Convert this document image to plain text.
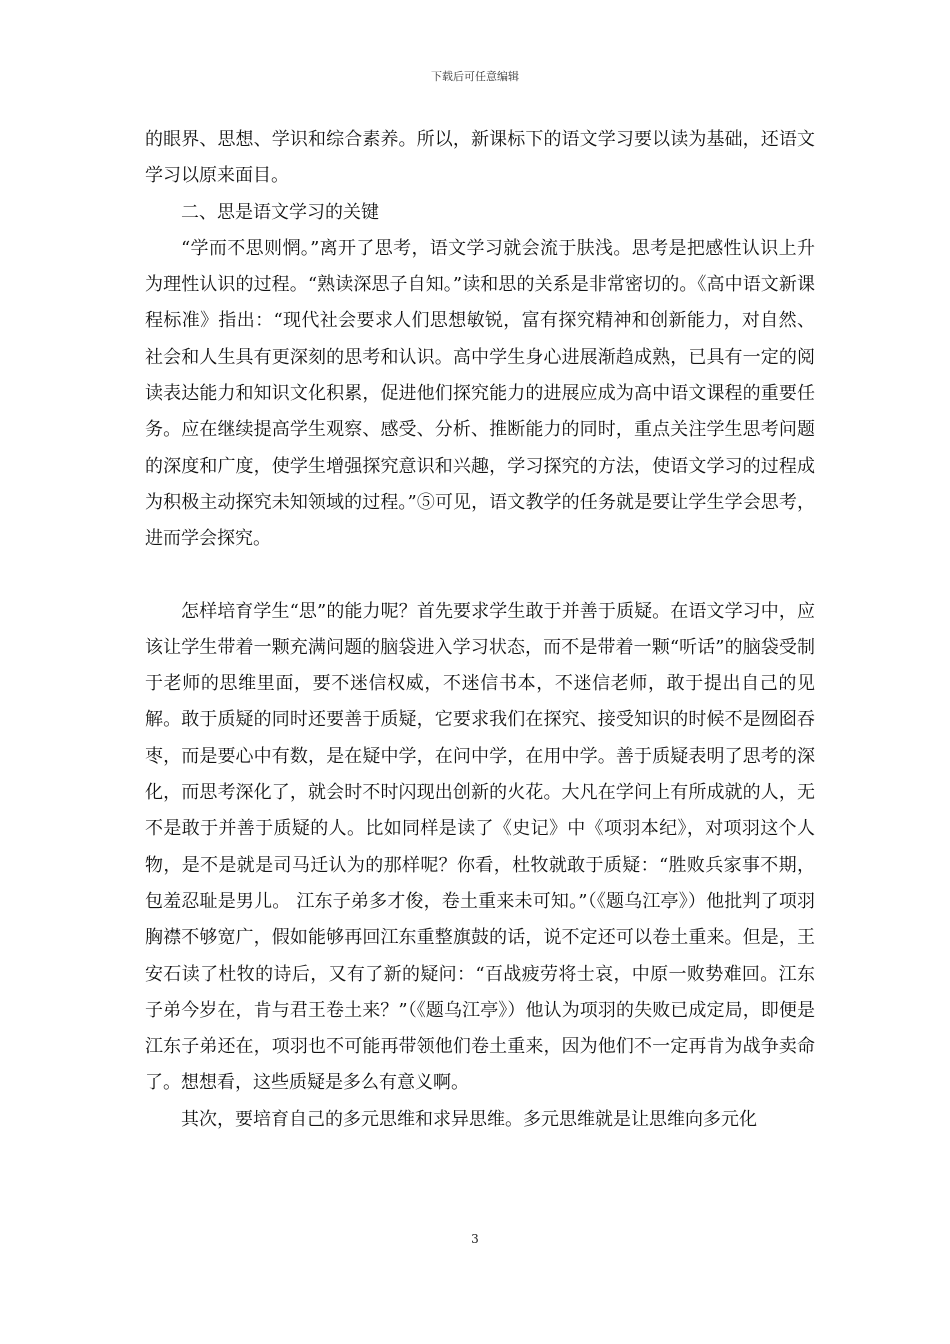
下载后可任意编辑

的眼界、思想、学识和综合素养。所以，新课标下的语文学习要以读为基础，还语文学习以原来面目。

二、思是语文学习的关键

“学而不思则惘。”离开了思考，语文学习就会流于肤浅。思考是把感性认识上升为理性认识的过程。“熟读深思子自知。”读和思的关系是非常密切的。《高中语文新课程标准》指出：“现代社会要求人们思想敏锐，富有探究精神和创新能力，对自然、社会和人生具有更深刻的思考和认识。高中学生身心进展渐趋成熟，已具有一定的阅读表达能力和知识文化积累，促进他们探究能力的进展应成为高中语文课程的重要任务。应在继续提高学生观察、感受、分析、推断能力的同时，重点关注学生思考问题的深度和广度，使学生增强探究意识和兴趣，学习探究的方法，使语文学习的过程成为积极主动探究未知领域的过程。”⑤可见，语文教学的任务就是要让学生学会思考，进而学会探究。

怎样培育学生“思”的能力呢？首先要求学生敢于并善于质疑。在语文学习中，应该让学生带着一颗充满问题的脑袋进入学习状态，而不是带着一颗“听话”的脑袋受制于老师的思维里面，要不迷信权威，不迷信书本，不迷信老师，敢于提出自己的见解。敢于质疑的同时还要善于质疑，它要求我们在探究、接受知识的时候不是囫囵吞枣，而是要心中有数，是在疑中学，在问中学，在用中学。善于质疑表明了思考的深化，而思考深化了，就会时不时闪现出创新的火花。大凡在学问上有所成就的人，无不是敢于并善于质疑的人。比如同样是读了《史记》中《项羽本纪》，对项羽这个人物，是不是就是司马迁认为的那样呢？你看，杜牧就敢于质疑：“胜败兵家事不期，包羞忍耻是男儿。 江东子弟多才俊，卷土重来未可知。”（《题乌江亭》）他批判了项羽胸襟不够宽广，假如能够再回江东重整旗鼓的话，说不定还可以卷土重来。但是，王安石读了杜牧的诗后，又有了新的疑问：“百战疲劳将士哀，中原一败势难回。江东子弟今岁在，肯与君王卷土来？”（《题乌江亭》）他认为项羽的失败已成定局，即便是江东子弟还在，项羽也不可能再带领他们卷土重来，因为他们不一定再肯为战争卖命了。想想看，这些质疑是多么有意义啊。

其次，要培育自己的多元思维和求异思维。多元思维就是让思维向多元化

3
